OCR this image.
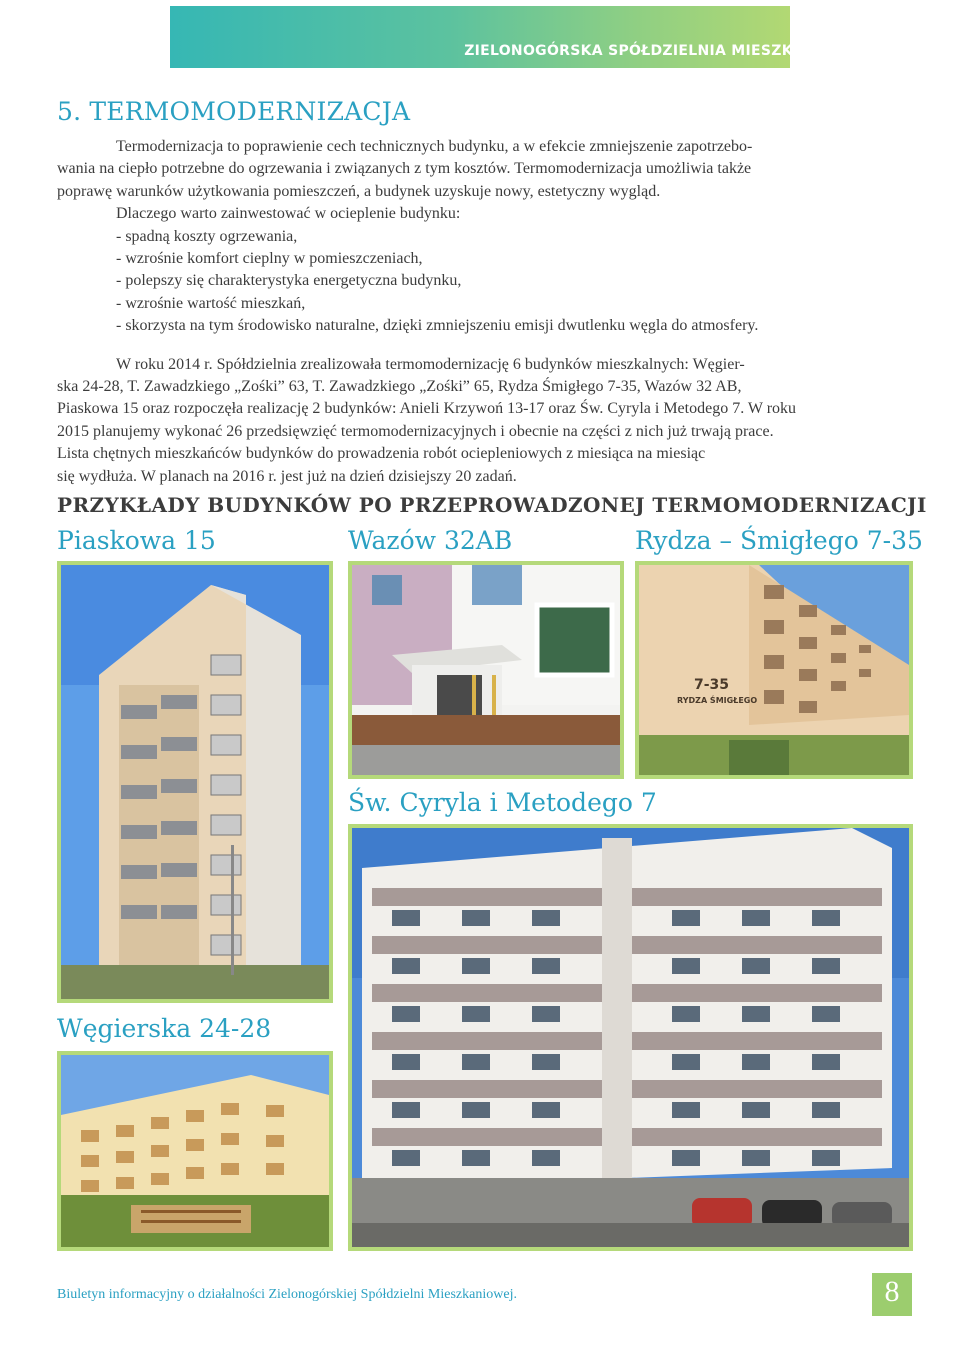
ZIELONOGÓRSKA SPÓŁDZIELNIA MIESZKANIOWA
5. TERMOMODERNIZACJA

Termodernizacja to poprawienie cech technicznych budynku, a w efekcie zmniejszenie zapotrzebo-

wania na ciepło potrzebne do ogrzewania i związanych z tym kosztów. Termomodernizacja umożliwia także

poprawę warunków użytkowania pomieszczeń, a budynek uzyskuje nowy, estetyczny wygląd.

Dlaczego warto zainwestować w ocieplenie budynku:
- spadną koszty ogrzewania,
- wzrośnie komfort cieplny w pomieszczeniach,
- polepszy się charakterystyka energetyczna budynku,
- wzrośnie wartość mieszkań,
- skorzysta na tym środowisko naturalne, dzięki zmniejszeniu emisji dwutlenku węgla do atmosfery.

W roku 2014 r. Spółdzielnia zrealizowała termomodernizację 6 budynków mieszkalnych: Węgier-

ska 24-28, T. Zawadzkiego „Zośki” 63, T. Zawadzkiego „Zośki” 65, Rydza Śmigłego 7-35, Wazów 32 AB,

Piaskowa 15 oraz rozpoczęła realizację 2 budynków: Anieli Krzywoń 13-17 oraz Św. Cyryla i Metodego 7. W roku

2015 planujemy wykonać 26 przedsięwzięć termomodernizacyjnych i obecnie na części z nich już trwają prace.

Lista chętnych mieszkańców budynków do prowadzenia robót ociepleniowych z miesiąca na miesiąc

się wydłuża. W planach na 2016 r. jest już na dzień dzisiejszy 20 zadań.

PRZYKŁADY BUDYNKÓW PO PRZEPROWADZONEJ TERMOMODERNIZACJI
Piaskowa 15	Wazów 32AB	Rydza – Śmigłego 7-35
Św. Cyryla i Metodego 7
Węgierska 24-28
7-35
RYDZA ŚMIGŁEGO
Biuletyn informacyjny o działalności Zielonogórskiej Spółdzielni Mieszkaniowej.	8
